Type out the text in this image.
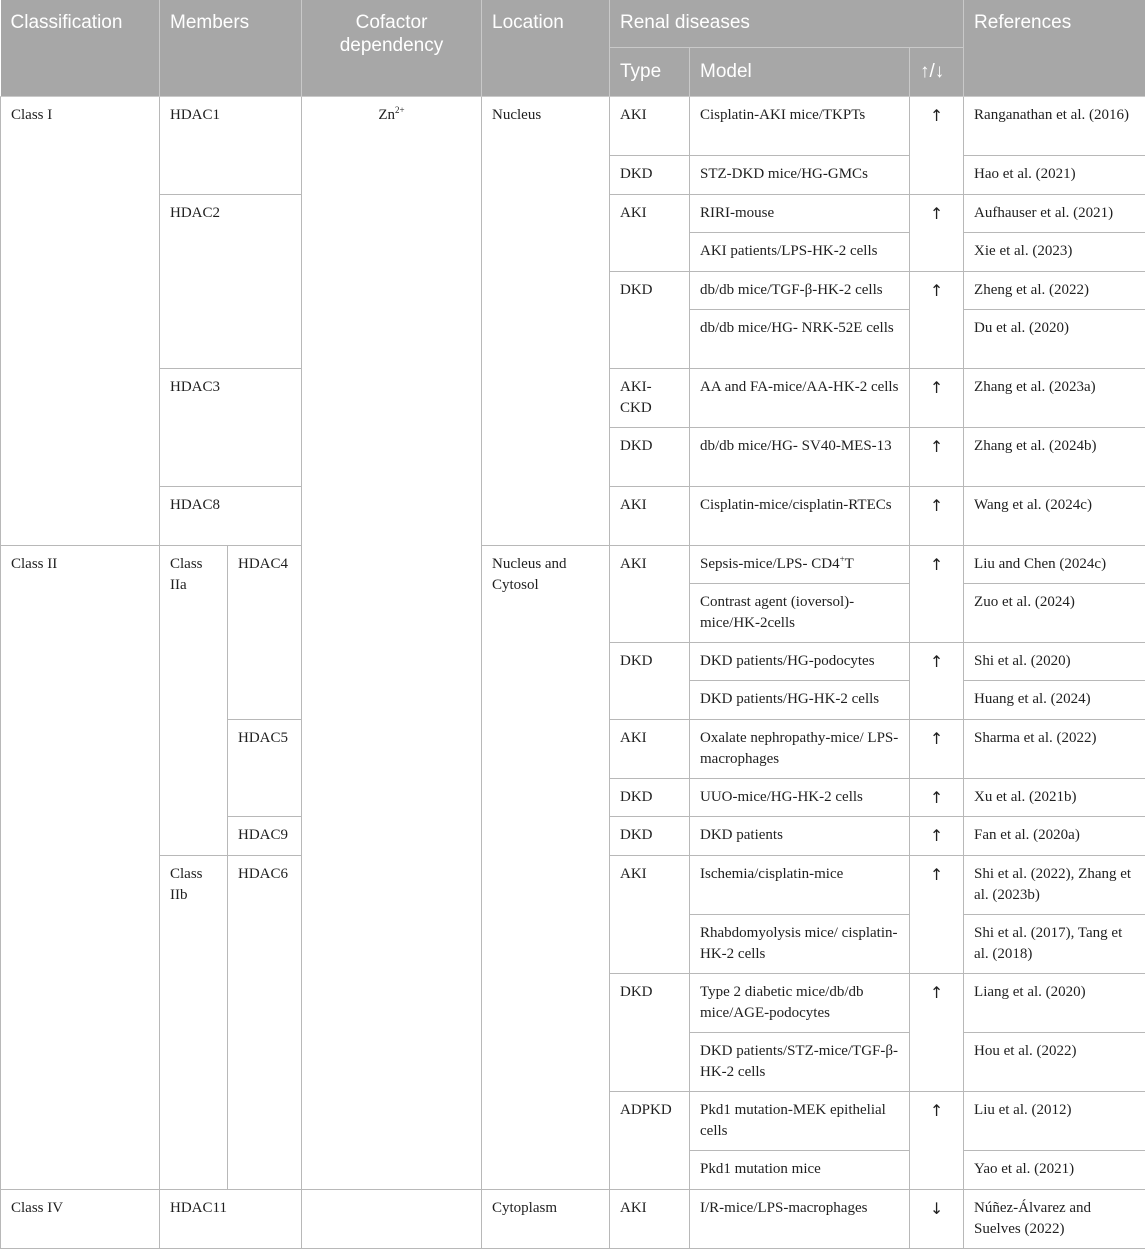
Classification	Members		Cofactor dependency	Location	Renal diseases			References
					Type	Model	↑/↓	
Class I	HDAC1		$Zn^{2+}$	Nucleus	AKI	Cisplatin-AKI mice/TKPTs	↑	Ranganathan et al. (2016)
					DKD	STZ-DKD mice/HG-GMCs		Hao et al. (2021)
	HDAC2				AKI	RIRI-mouse	↑	Aufhauser et al. (2021)
						AKI patients/LPS-HK-2 cells		Xie et al. (2023)
					DKD	db/db mice/TGF-β-HK-2 cells	↑	Zheng et al. (2022)
						db/db mice/HG- NRK-52E cells		Du et al. (2020)
	HDAC3				AKI-CKD	AA and FA-mice/AA-HK-2 cells	↑	Zhang et al. (2023a)
					DKD	db/db mice/HG- SV40-MES-13	↑	Zhang et al. (2024b)
	HDAC8				AKI	Cisplatin-mice/cisplatin-RTECs	↑	Wang et al. (2024c)
Class II	Class IIa	HDAC4		Nucleus and Cytosol	AKI	Sepsis-mice/LPS- CD4+T	↑	Liu and Chen (2024c)
						Contrast agent (ioversol)-mice/HK-2cells		Zuo et al. (2024)
					DKD	DKD patients/HG-podocytes	↑	Shi et al. (2020)
						DKD patients/HG-HK-2 cells		Huang et al. (2024)
		HDAC5			AKI	Oxalate nephropathy-mice/ LPS-macrophages	↑	Sharma et al. (2022)
					DKD	UUO-mice/HG-HK-2 cells	↑	Xu et al. (2021b)
		HDAC9			DKD	DKD patients	↑	Fan et al. (2020a)
	Class IIb	HDAC6			AKI	Ischemia/cisplatin-mice	↑	Shi et al. (2022), Zhang et al. (2023b)
						Rhabdomyolysis mice/ cisplatin-HK-2 cells		Shi et al. (2017), Tang et al. (2018)
					DKD	Type 2 diabetic mice/db/db mice/AGE-podocytes	↑	Liang et al. (2020)
						DKD patients/STZ-mice/TGF-β-HK-2 cells		Hou et al. (2022)
					ADPKD	Pkd1 mutation-MEK epithelial cells	↑	Liu et al. (2012)
						Pkd1 mutation mice		Yao et al. (2021)
Class IV	HDAC11			Cytoplasm	AKI	I/R-mice/LPS-macrophages	↓	Núñez-Álvarez and Suelves (2022)
